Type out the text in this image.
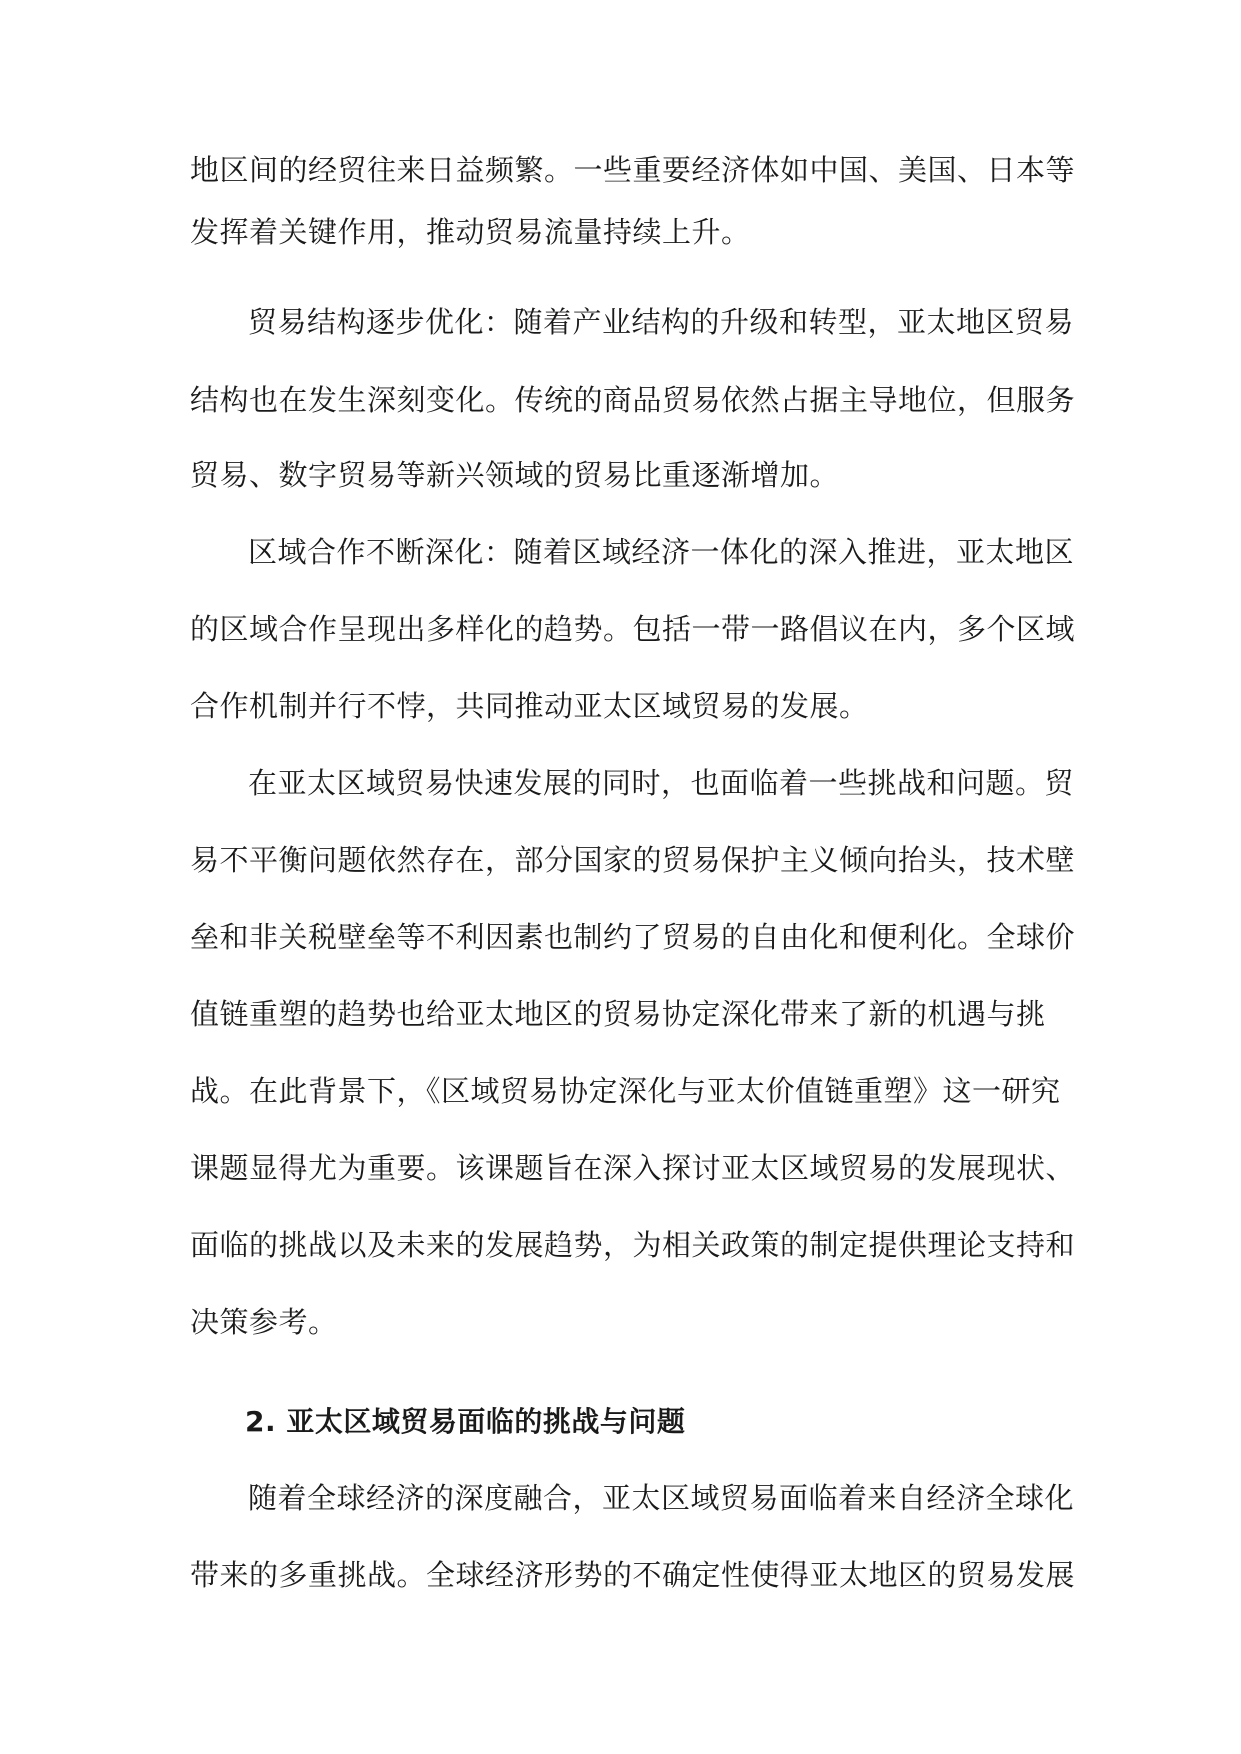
地区间的经贸往来日益频繁。一些重要经济体如中国、美国、日本等
发挥着关键作用，推动贸易流量持续上升。
贸易结构逐步优化：随着产业结构的升级和转型，亚太地区贸易
结构也在发生深刻变化。传统的商品贸易依然占据主导地位，但服务
贸易、数字贸易等新兴领域的贸易比重逐渐增加。
区域合作不断深化：随着区域经济一体化的深入推进，亚太地区
的区域合作呈现出多样化的趋势。包括一带一路倡议在内，多个区域
合作机制并行不悖，共同推动亚太区域贸易的发展。
在亚太区域贸易快速发展的同时，也面临着一些挑战和问题。贸
易不平衡问题依然存在，部分国家的贸易保护主义倾向抬头，技术壁
垒和非关税壁垒等不利因素也制约了贸易的自由化和便利化。全球价
值链重塑的趋势也给亚太地区的贸易协定深化带来了新的机遇与挑
战。在此背景下，《区域贸易协定深化与亚太价值链重塑》这一研究
课题显得尤为重要。该课题旨在深入探讨亚太区域贸易的发展现状、
面临的挑战以及未来的发展趋势，为相关政策的制定提供理论支持和
决策参考。
2. 亚太区域贸易面临的挑战与问题
随着全球经济的深度融合，亚太区域贸易面临着来自经济全球化
带来的多重挑战。全球经济形势的不确定性使得亚太地区的贸易发展
